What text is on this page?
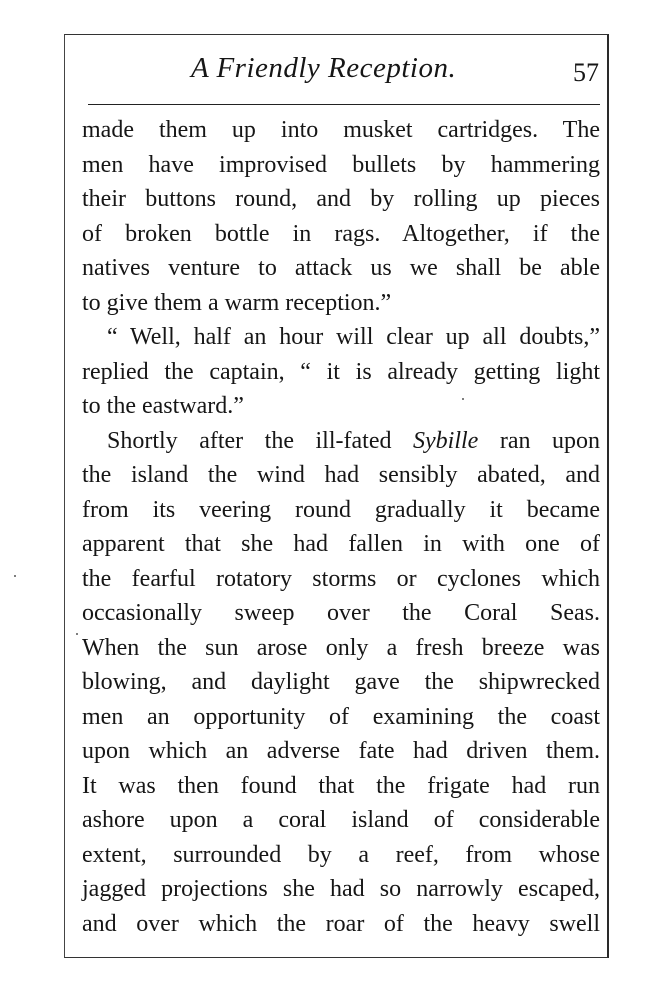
A Friendly Reception.	57
made them up into musket cartridges. The
men have improvised bullets by hammering
their buttons round, and by rolling up pieces
of broken bottle in rags. Altogether, if the
natives venture to attack us we shall be able
to give them a warm reception.”
“ Well, half an hour will clear up all doubts,”
replied the captain, “ it is already getting light
to the eastward.”
Shortly after the ill-fated Sybille ran upon
the island the wind had sensibly abated, and
from its veering round gradually it became
apparent that she had fallen in with one of
the fearful rotatory storms or cyclones which
occasionally sweep over the Coral Seas.
When the sun arose only a fresh breeze was
blowing, and daylight gave the shipwrecked
men an opportunity of examining the coast
upon which an adverse fate had driven them.
It was then found that the frigate had run
ashore upon a coral island of considerable
extent, surrounded by a reef, from whose
jagged projections she had so narrowly escaped,
and over which the roar of the heavy swell
